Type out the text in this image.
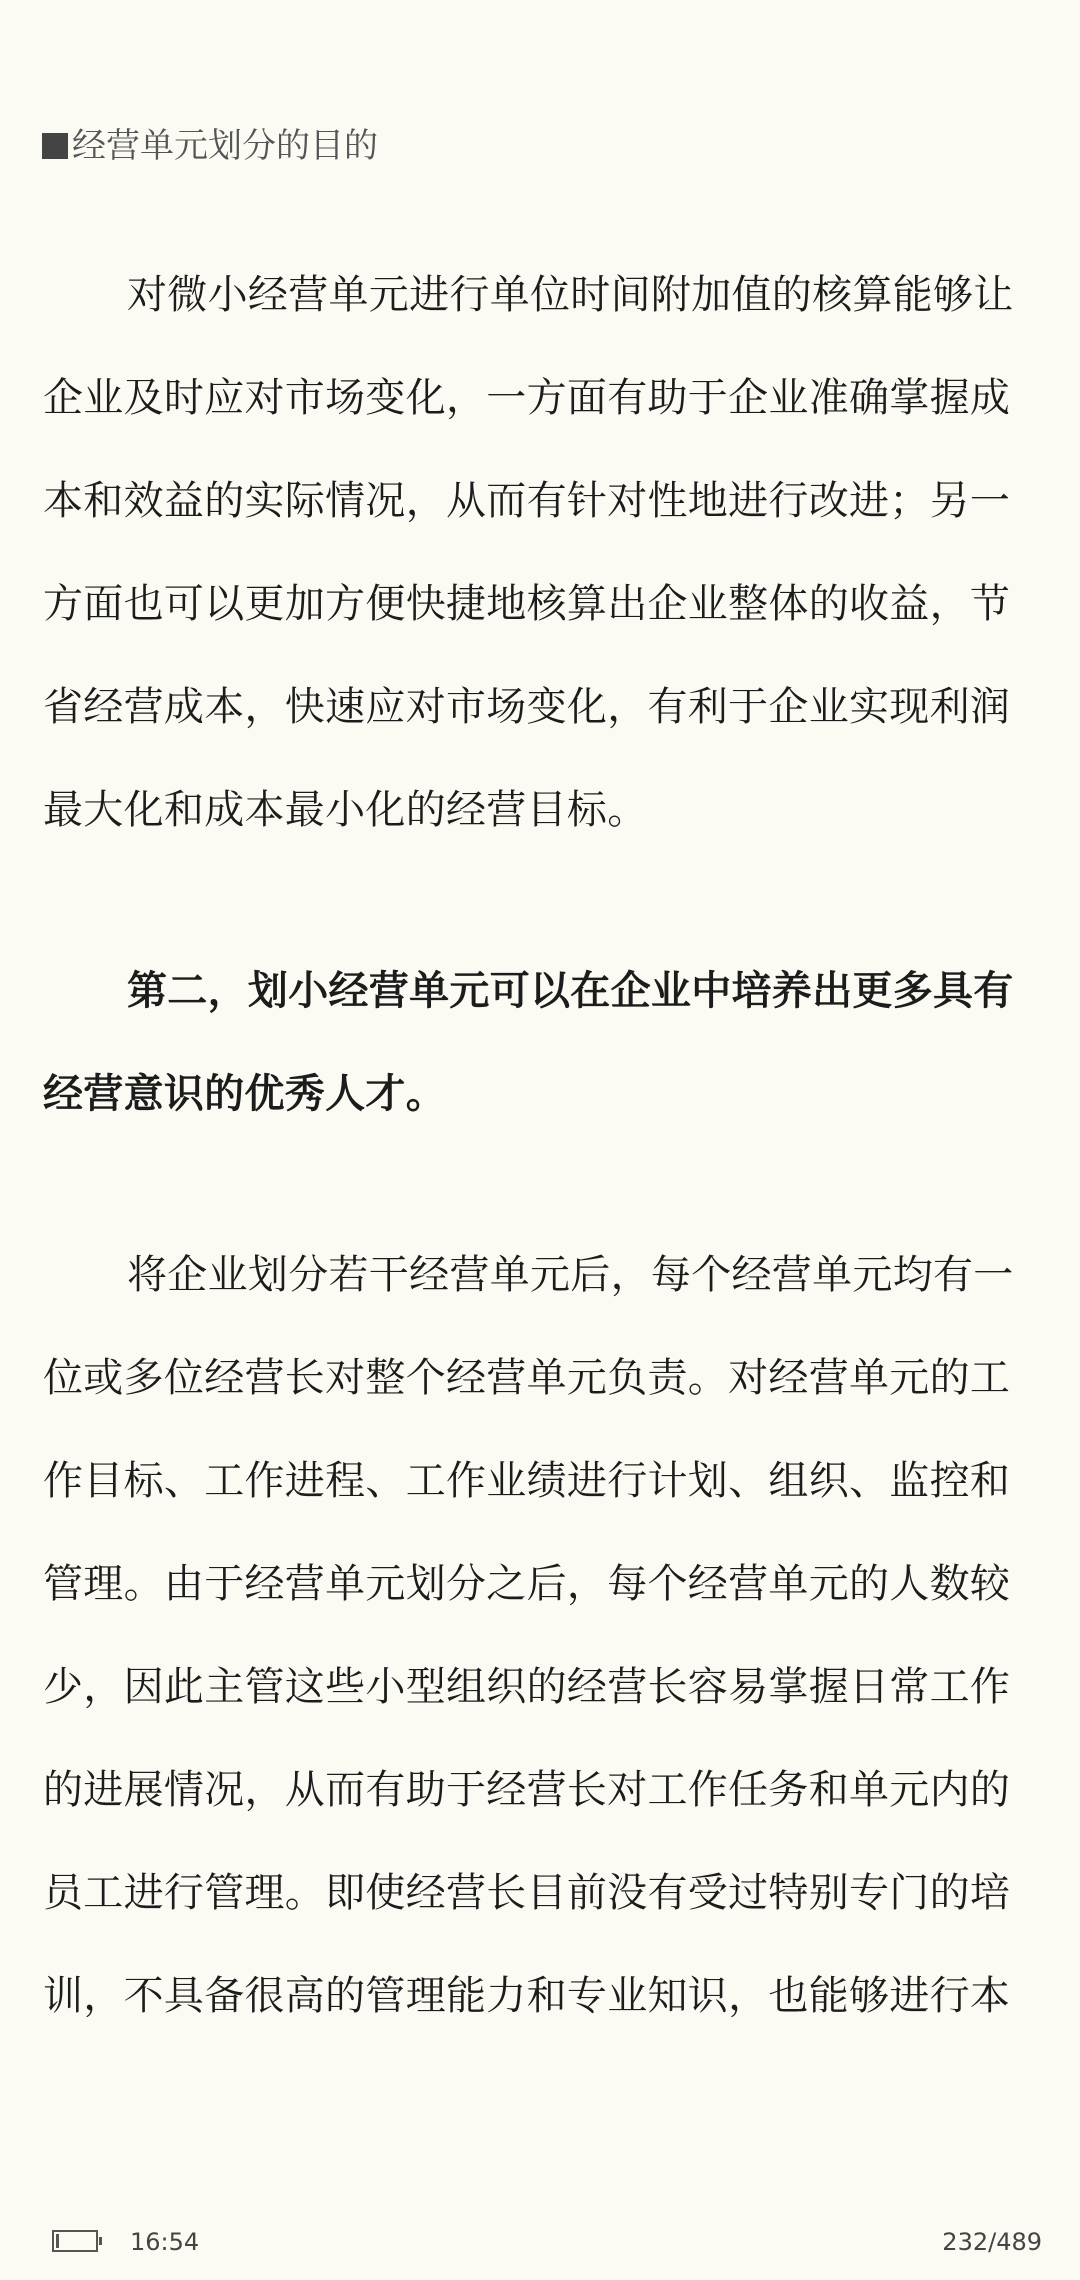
经营单元划分的目的

对微小经营单元进行单位时间附加值的核算能够让
企业及时应对市场变化，一方面有助于企业准确掌握成
本和效益的实际情况，从而有针对性地进行改进；另一
方面也可以更加方便快捷地核算出企业整体的收益，节
省经营成本，快速应对市场变化，有利于企业实现利润
最大化和成本最小化的经营目标。

第二，划小经营单元可以在企业中培养出更多具有
经营意识的优秀人才。

将企业划分若干经营单元后，每个经营单元均有一
位或多位经营长对整个经营单元负责。对经营单元的工
作目标、工作进程、工作业绩进行计划、组织、监控和
管理。由于经营单元划分之后，每个经营单元的人数较
少，因此主管这些小型组织的经营长容易掌握日常工作
的进展情况，从而有助于经营长对工作任务和单元内的
员工进行管理。即使经营长目前没有受过特别专门的培
训，不具备很高的管理能力和专业知识，也能够进行本

16:54	232/489
